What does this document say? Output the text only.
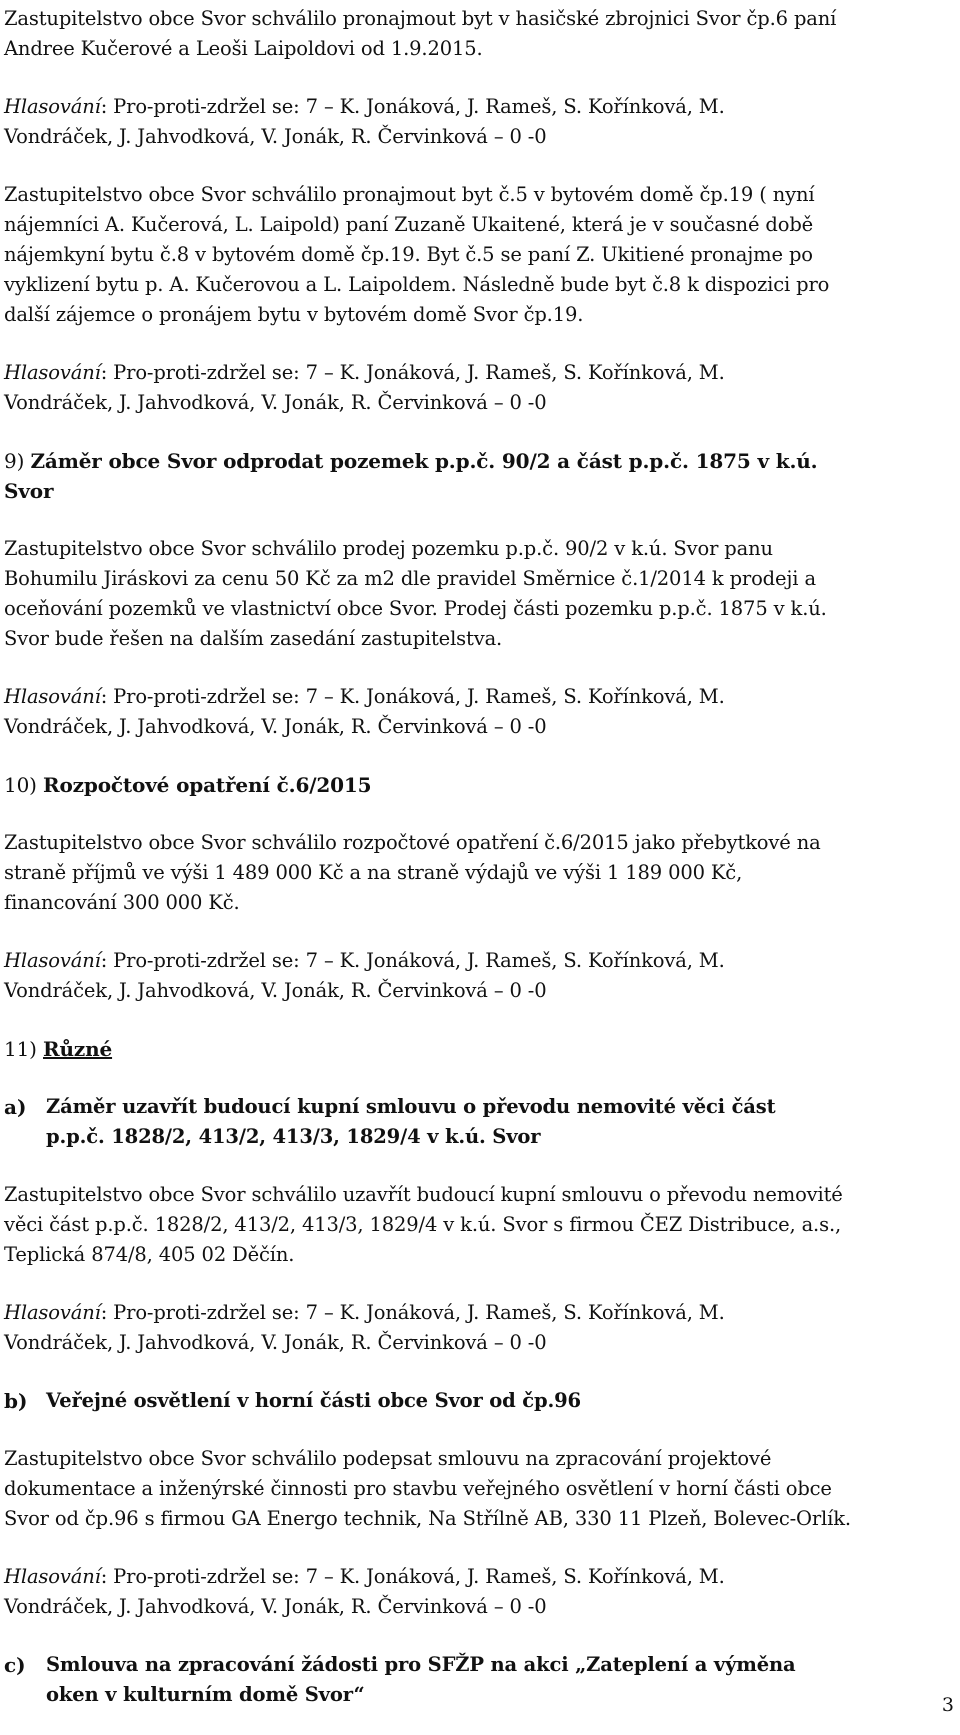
Zastupitelstvo obce Svor schválilo pronajmout byt v hasičské zbrojnici Svor čp.6 paní
Andree Kučerové a Leoši Laipoldovi od 1.9.2015.

Hlasování: Pro-proti-zdržel se: 7 – K. Jonáková, J. Rameš, S. Kořínková, M.
Vondráček, J. Jahvodková, V. Jonák, R. Červinková – 0 -0

Zastupitelstvo obce Svor schválilo pronajmout byt č.5 v bytovém domě čp.19 ( nyní
nájemníci A. Kučerová, L. Laipold) paní Zuzaně Ukaitené, která je v současné době
nájemkyní bytu č.8 v bytovém domě čp.19. Byt č.5 se paní Z. Ukitiené pronajme po
vyklizení bytu p. A. Kučerovou a L. Laipoldem. Následně bude byt č.8 k dispozici pro
další zájemce o pronájem bytu v bytovém domě Svor čp.19.

Hlasování: Pro-proti-zdržel se: 7 – K. Jonáková, J. Rameš, S. Kořínková, M.
Vondráček, J. Jahvodková, V. Jonák, R. Červinková – 0 -0

9) Záměr obce Svor odprodat pozemek p.p.č. 90/2 a část p.p.č. 1875 v k.ú.
Svor

Zastupitelstvo obce Svor schválilo prodej pozemku p.p.č. 90/2 v k.ú. Svor panu
Bohumilu Jiráskovi za cenu 50 Kč za m2 dle pravidel Směrnice č.1/2014 k prodeji a
oceňování pozemků ve vlastnictví obce Svor. Prodej části pozemku p.p.č. 1875 v k.ú.
Svor bude řešen na dalším zasedání zastupitelstva.

Hlasování: Pro-proti-zdržel se: 7 – K. Jonáková, J. Rameš, S. Kořínková, M.
Vondráček, J. Jahvodková, V. Jonák, R. Červinková – 0 -0

10) Rozpočtové opatření č.6/2015

Zastupitelstvo obce Svor schválilo rozpočtové opatření č.6/2015 jako přebytkové na
straně příjmů ve výši 1 489 000 Kč a na straně výdajů ve výši 1 189 000 Kč,
financování 300 000 Kč.

Hlasování: Pro-proti-zdržel se: 7 – K. Jonáková, J. Rameš, S. Kořínková, M.
Vondráček, J. Jahvodková, V. Jonák, R. Červinková – 0 -0

11) Různé

a)	Záměr uzavřít budoucí kupní smlouvu o převodu nemovité věci část
p.p.č. 1828/2, 413/2, 413/3, 1829/4 v k.ú. Svor

Zastupitelstvo obce Svor schválilo uzavřít budoucí kupní smlouvu o převodu nemovité
věci část p.p.č. 1828/2, 413/2, 413/3, 1829/4 v k.ú. Svor s firmou ČEZ Distribuce, a.s.,
Teplická 874/8, 405 02 Děčín.

Hlasování: Pro-proti-zdržel se: 7 – K. Jonáková, J. Rameš, S. Kořínková, M.
Vondráček, J. Jahvodková, V. Jonák, R. Červinková – 0 -0

b) Veřejné osvětlení v horní části obce Svor od čp.96

Zastupitelstvo obce Svor schválilo podepsat smlouvu na zpracování projektové
dokumentace a inženýrské činnosti pro stavbu veřejného osvětlení v horní části obce
Svor od čp.96 s firmou GA Energo technik, Na Střílně AB, 330 11 Plzeň, Bolevec-Orlík.

Hlasování: Pro-proti-zdržel se: 7 – K. Jonáková, J. Rameš, S. Kořínková, M.
Vondráček, J. Jahvodková, V. Jonák, R. Červinková – 0 -0

c)	Smlouva na zpracování žádosti pro SFŽP na akci „Zateplení a výměna
oken v kulturním domě Svor“	3
